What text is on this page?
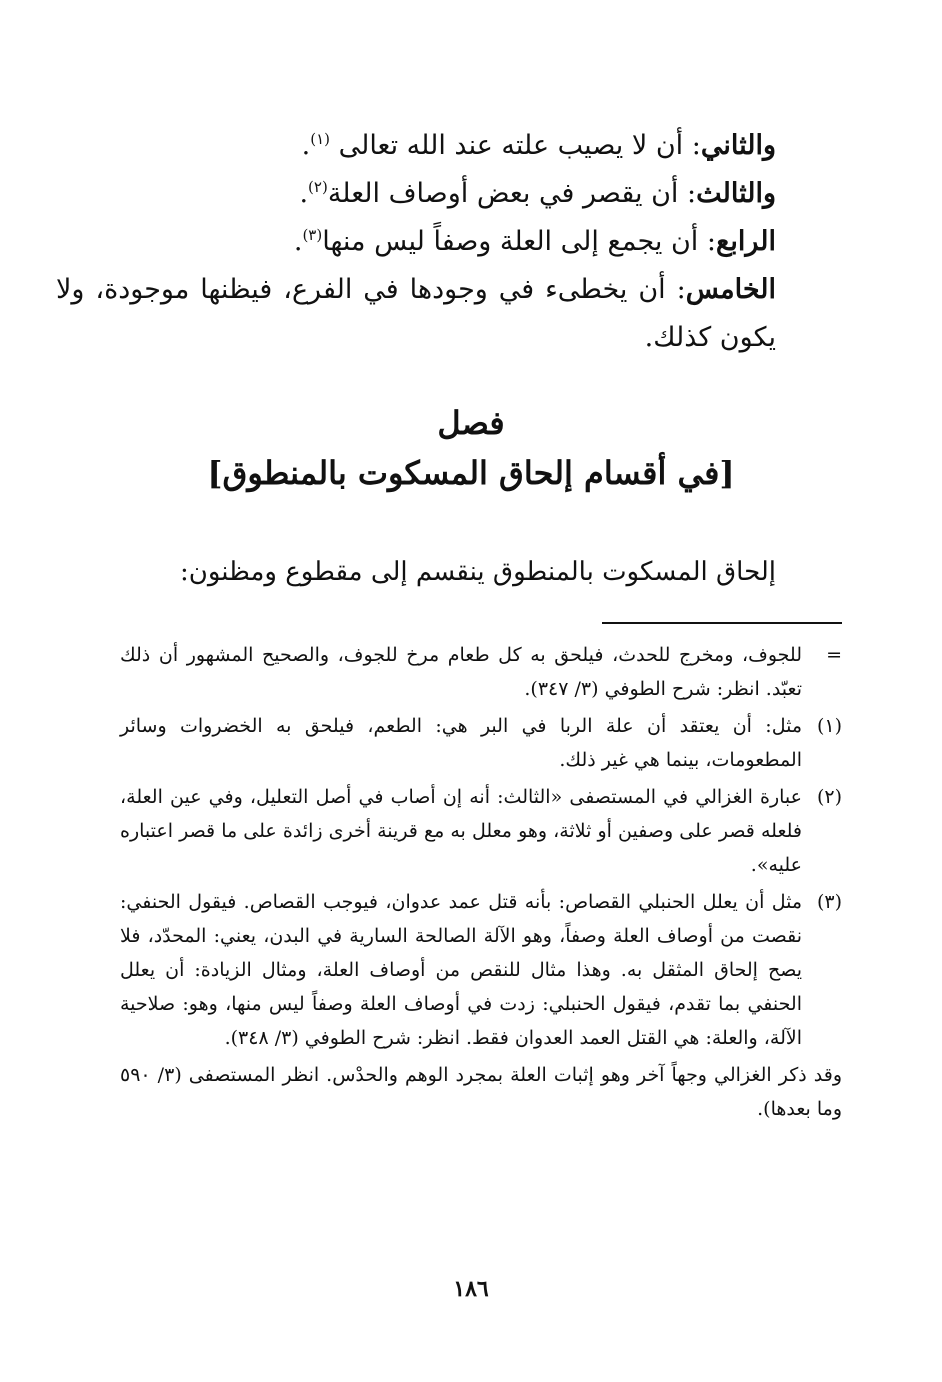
والثاني: أن لا يصيب علته عند الله تعالى $^{(١)}$.

والثالث: أن يقصر في بعض أوصاف العلة$^{(٢)}$.

الرابع: أن يجمع إلى العلة وصفاً ليس منها$^{(٣)}$.

الخامس: أن يخطىء في وجودها في الفرع، فيظنها موجودة، ولا يكون كذلك.

فصل
[في أقسام إلحاق المسكوت بالمنطوق]
إلحاق المسكوت بالمنطوق ينقسم إلى مقطوع ومظنون:

=
للجوف، ومخرج للحدث، فيلحق به كل طعام مرخ للجوف، والصحيح المشهور أن ذلك تعبّد. انظر: شرح الطوفي (٣/ ٣٤٧).

(١)
مثل: أن يعتقد أن علة الربا في البر هي: الطعم، فيلحق به الخضروات وسائر المطعومات، بينما هي غير ذلك.

(٢)
عبارة الغزالي في المستصفى «الثالث: أنه إن أصاب في أصل التعليل، وفي عين العلة، فلعله قصر على وصفين أو ثلاثة، وهو معلل به مع قرينة أخرى زائدة على ما قصر اعتباره عليه».

(٣)
مثل أن يعلل الحنبلي القصاص: بأنه قتل عمد عدوان، فيوجب القصاص. فيقول الحنفي: نقصت من أوصاف العلة وصفاً، وهو الآلة الصالحة السارية في البدن، يعني: المحدّد، فلا يصح إلحاق المثقل به. وهذا مثال للنقص من أوصاف العلة، ومثال الزيادة: أن يعلل الحنفي بما تقدم، فيقول الحنبلي: زدت في أوصاف العلة وصفاً ليس منها، وهو: صلاحية الآلة، والعلة: هي القتل العمد العدوان فقط. انظر: شرح الطوفي (٣/ ٣٤٨).

وقد ذكر الغزالي وجهاً آخر وهو إثبات العلة بمجرد الوهم والحدْس. انظر المستصفى (٣/ ٥٩٠ وما بعدها).

١٨٦
